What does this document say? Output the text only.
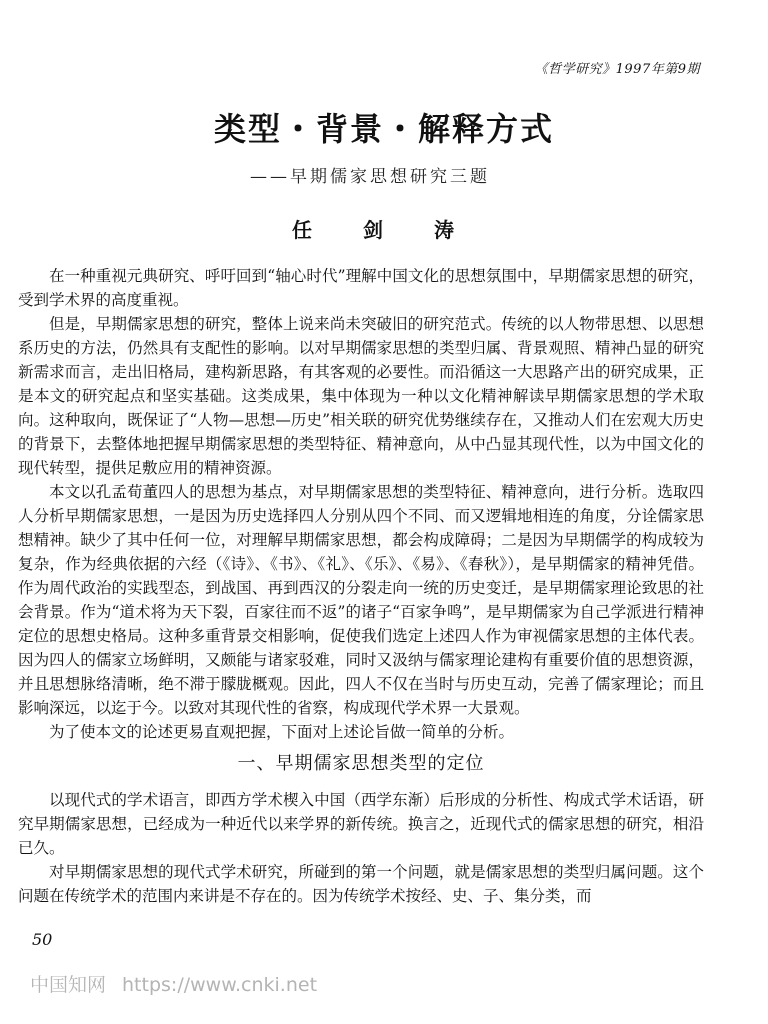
《哲学研究》1997年第9期
类型・背景・解释方式
——早期儒家思想研究三题
任 剑 涛

在一种重视元典研究、呼吁回到“轴心时代”理解中国文化的思想氛围中，早期儒家思想的研究，受到学术界的高度重视。

但是，早期儒家思想的研究，整体上说来尚未突破旧的研究范式。传统的以人物带思想、以思想系历史的方法，仍然具有支配性的影响。以对早期儒家思想的类型归属、背景观照、精神凸显的研究新需求而言，走出旧格局，建构新思路，有其客观的必要性。而沿循这一大思路产出的研究成果，正是本文的研究起点和坚实基础。这类成果，集中体现为一种以文化精神解读早期儒家思想的学术取向。这种取向，既保证了“人物—思想—历史”相关联的研究优势继续存在，又推动人们在宏观大历史的背景下，去整体地把握早期儒家思想的类型特征、精神意向，从中凸显其现代性，以为中国文化的现代转型，提供足敷应用的精神资源。

本文以孔孟荀董四人的思想为基点，对早期儒家思想的类型特征、精神意向，进行分析。选取四人分析早期儒家思想，一是因为历史选择四人分别从四个不同、而又逻辑地相连的角度，分诠儒家思想精神。缺少了其中任何一位，对理解早期儒家思想，都会构成障碍；二是因为早期儒学的构成较为复杂，作为经典依据的六经（《诗》、《书》、《礼》、《乐》、《易》、《春秋》），是早期儒家的精神凭借。作为周代政治的实践型态，到战国、再到西汉的分裂走向一统的历史变迁，是早期儒家理论致思的社会背景。作为“道术将为天下裂，百家往而不返”的诸子“百家争鸣”，是早期儒家为自己学派进行精神定位的思想史格局。这种多重背景交相影响，促使我们选定上述四人作为审视儒家思想的主体代表。因为四人的儒家立场鲜明，又颇能与诸家驳难，同时又汲纳与儒家理论建构有重要价值的思想资源，并且思想脉络清晰，绝不滞于朦胧概观。因此，四人不仅在当时与历史互动，完善了儒家理论；而且影响深远，以迄于今。以致对其现代性的省察，构成现代学术界一大景观。

为了使本文的论述更易直观把握，下面对上述论旨做一简单的分析。

一、早期儒家思想类型的定位

以现代式的学术语言，即西方学术楔入中国（西学东渐）后形成的分析性、构成式学术话语，研究早期儒家思想，已经成为一种近代以来学界的新传统。换言之，近现代式的儒家思想的研究，相沿已久。

对早期儒家思想的现代式学术研究，所碰到的第一个问题，就是儒家思想的类型归属问题。这个问题在传统学术的范围内来讲是不存在的。因为传统学术按经、史、子、集分类，而

50
中国知网 https://www.cnki.net
